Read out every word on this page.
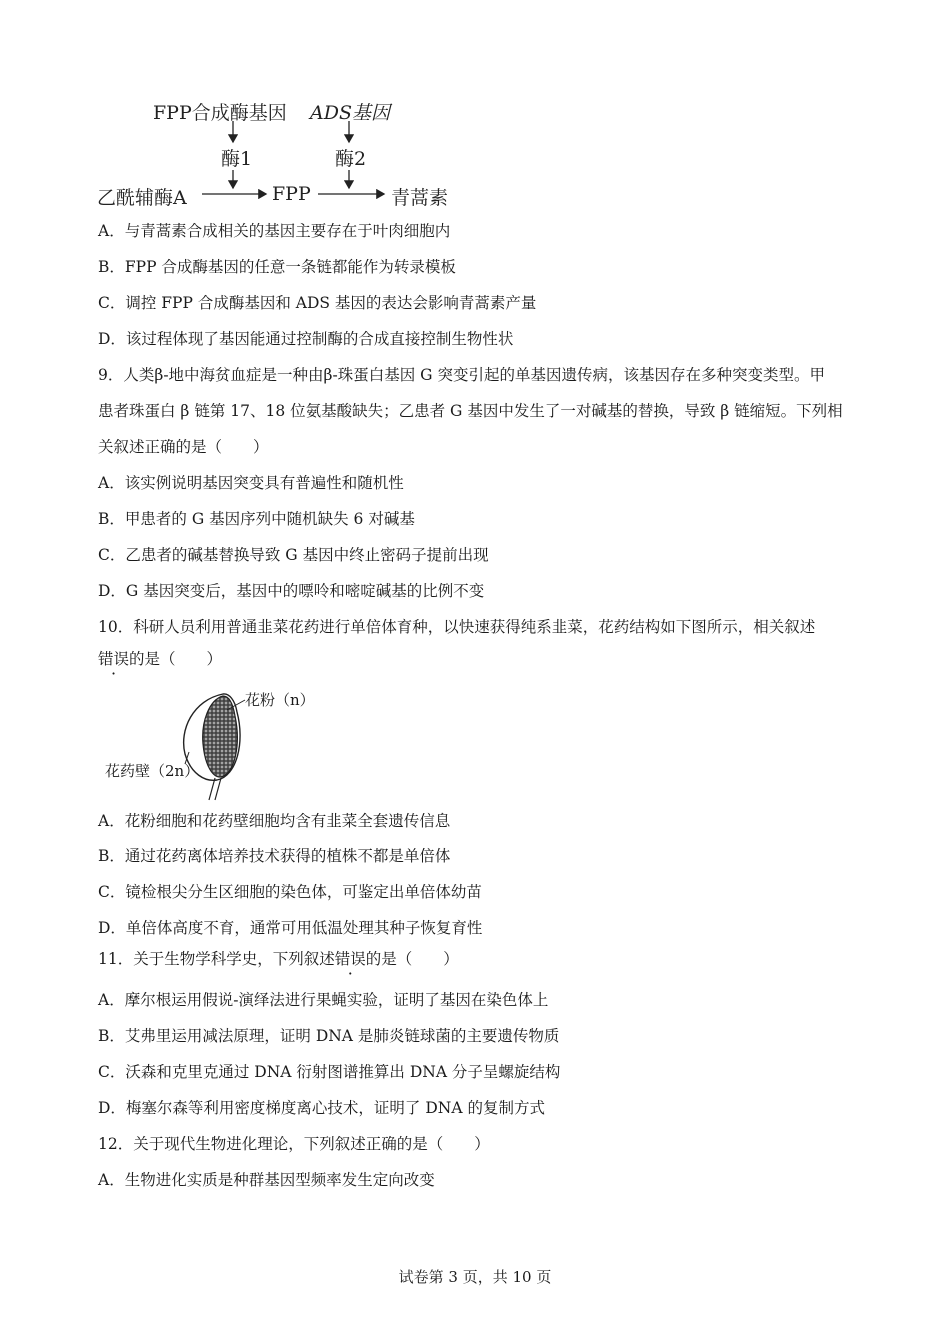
FPP合成酶基因 ADS基因
酶1	酶2
乙酰辅酶A	FPP	青蒿素
A．与青蒿素合成相关的基因主要存在于叶肉细胞内
B．FPP 合成酶基因的任意一条链都能作为转录模板
C．调控 FPP 合成酶基因和 ADS 基因的表达会影响青蒿素产量
D．该过程体现了基因能通过控制酶的合成直接控制生物性状
9．人类β-地中海贫血症是一种由β-珠蛋白基因 G 突变引起的单基因遗传病，该基因存在多种突变类型。甲
患者珠蛋白 β 链第 17、18 位氨基酸缺失；乙患者 G 基因中发生了一对碱基的替换，导致 β 链缩短。下列相
关叙述正确的是（　　）
A．该实例说明基因突变具有普遍性和随机性
B．甲患者的 G 基因序列中随机缺失 6 对碱基
C．乙患者的碱基替换导致 G 基因中终止密码子提前出现
D．G 基因突变后，基因中的嘌呤和嘧啶碱基的比例不变
10．科研人员利用普通韭菜花药进行单倍体育种，以快速获得纯系韭菜，花药结构如下图所示，相关叙述
错误的是（　　）
花粉（n）
花药壁（2n）
A．花粉细胞和花药壁细胞均含有韭菜全套遗传信息
B．通过花药离体培养技术获得的植株不都是单倍体
C．镜检根尖分生区细胞的染色体，可鉴定出单倍体幼苗
D．单倍体高度不育，通常可用低温处理其种子恢复育性
11．关于生物学科学史，下列叙述错误的是（　　）
A．摩尔根运用假说-演绎法进行果蝇实验，证明了基因在染色体上
B．艾弗里运用减法原理，证明 DNA 是肺炎链球菌的主要遗传物质
C．沃森和克里克通过 DNA 衍射图谱推算出 DNA 分子呈螺旋结构
D．梅塞尔森等利用密度梯度离心技术，证明了 DNA 的复制方式
12．关于现代生物进化理论，下列叙述正确的是（　　）
A．生物进化实质是种群基因型频率发生定向改变
试卷第 3 页，共 10 页
